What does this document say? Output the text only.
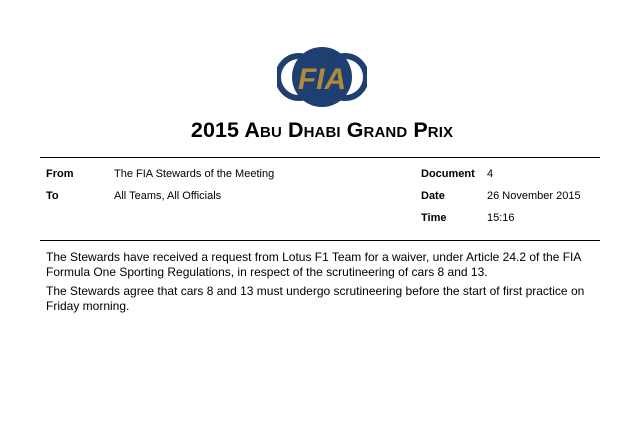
FIA
2015 Abu Dhabi Grand Prix
From	The FIA Stewards of the Meeting
To	All Teams, All Officials
Document 4
Date	26 November 2015
Time	15:16
The Stewards have received a request from Lotus F1 Team for a waiver, under Article 24.2 of the FIA Formula One Sporting Regulations, in respect of the scrutineering of cars 8 and 13.
The Stewards agree that cars 8 and 13 must undergo scrutineering before the start of first practice on Friday morning.
